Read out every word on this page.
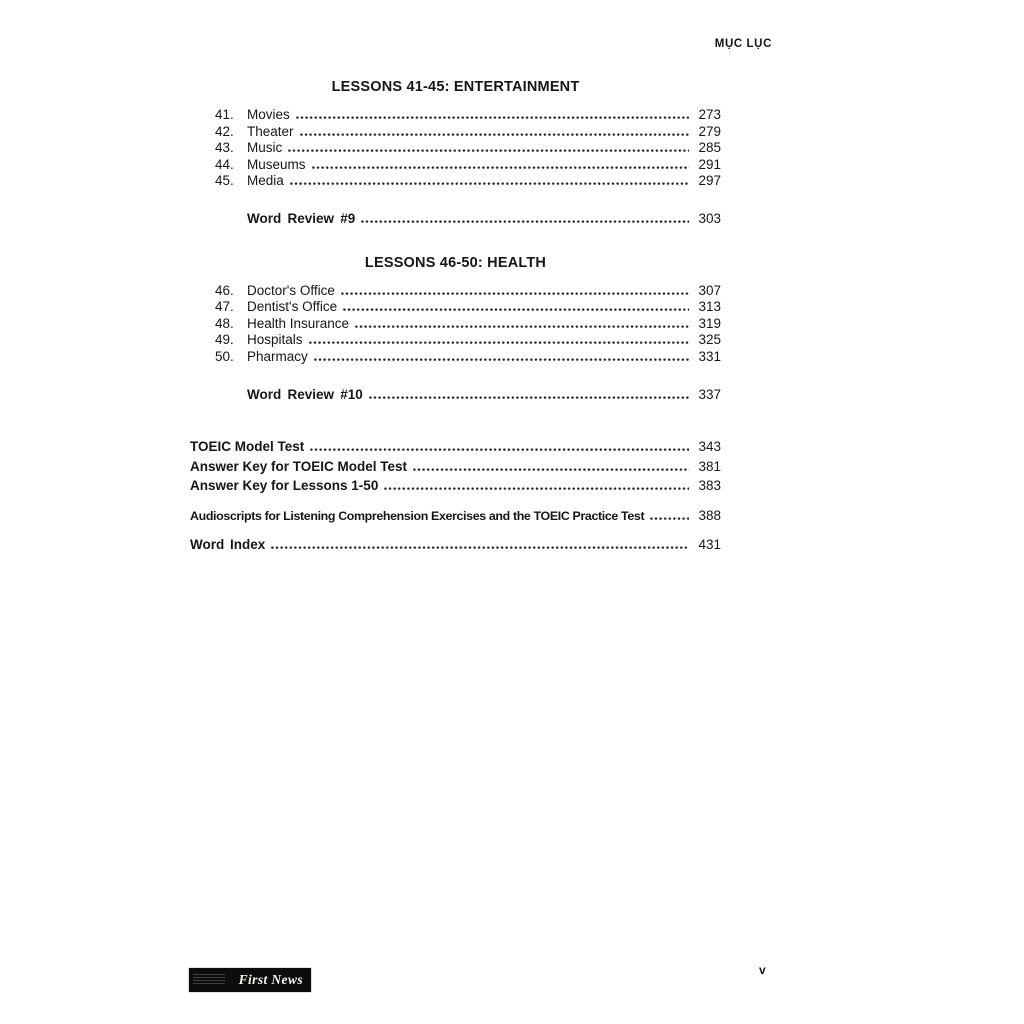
MỤC LỤC
LESSONS 41-45: ENTERTAINMENT
41. Movies	273
42. Theater	279
43. Music	285
44. Museums	291
45. Media	297
Word Review #9	303
LESSONS 46-50: HEALTH
46. Doctor's Office	307
47. Dentist's Office	313
48. Health Insurance	319
49. Hospitals	325
50. Pharmacy	331
Word Review #10	337
TOEIC Model Test	343
Answer Key for TOEIC Model Test	381
Answer Key for Lessons 1-50	383
Audioscripts for Listening Comprehension Exercises and the TOEIC Practice Test	388
Word Index	431
First News
v
